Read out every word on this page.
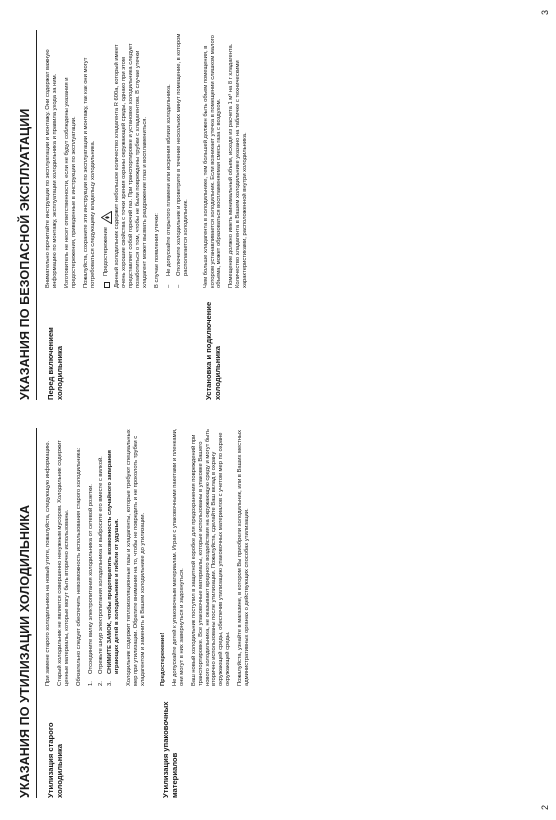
УКАЗАНИЯ ПО УТИЛИЗАЦИИ ХОЛОДИЛЬНИКА	Утилизация старого холодильника

При замене старого холодильника на новый утите, пожалуйста, следующую информацию. Старый холодильник не является совершенно ненужным мусором. Холодильник содержит ценные материалы, которые могут быть вторично использованы. Обязательно следует обеспечить невозможность использования старого холодильника: 1.
Отсоедините вилку электропитания холодильника от сетевой розетки.
2.
Отрежьте шнур электропитания холодильника и выбросите его вместе с вилкой.
3.
СНИМИТЕ ЗАМОК, чтобы предотвратить возможность случайного запирания играющих детей в холодильнике и гибели от удушья. Холодильник содержит теплоизоляционные газы и хладагенты, которые требуют специальных мер при утилизации. Обратите внимание на то, чтобы не повредить и не проколоть трубки с хладагентом и заменить в Вашем холодильнике до утилизации.

Утилизация упаковочных материалов

Предостережение! Не допускайте детей к упаковочным материалам. Играя с упаковочными пакетами и пленками, они могут в них завернуться и задохнуться. Ваш новый холодильник поступил в защитной коробке для предохранения повреждений при транспортировке. Все упаковочные материалы, которые использованы в упаковке Вашего нового холодильника, не оказывают вредного воздействия на окружающую среду и могут быть вторично использованы после утилизации. Пожалуйста, сделайте Ваш вклад в охрану окружающей среды, обеспечив утилизацию упаковочных материалов с учетом мер по охране окружающей среды. Пожалуйста, узнайте в магазине, в котором Вы приобрели холодильник, или в Ваших местных административных органах о действующих способах утилизации.

УКАЗАНИЯ ПО БЕЗОПАСНОЙ ЭКСПЛУАТАЦИИ	Перед включением холодильника

Внимательно прочитайте инструкции по эксплуатации и монтажу. Они содержат важную информацию по монтажу, эксплуатации холодильника и правила ухода за ним. Изготовитель не несет ответственности, если не будут соблюдены указания и предостережения, приведенные в инструкции по эксплуатации. Пожалуйста, сохраните эти инструкции по эксплуатации и монтажу, так как они могут потребоваться следующему владельцу холодильника. Предостережение Данный холодильник содержит небольшое количество хладагента R 600a, который имеет очень хорошие свойства с точки зрения охраны окружающей среды, однако при этом представляет собой горючий газ. При транспортировке и установке холодильника следует позаботиться о том, чтобы не были повреждены трубки с хладагентом. В случае утечки хладагент может вызвать раздражение глаз и воспламениться. В случае появления утечки: –
Не допускайте открытого пламени или искрения вблизи холодильника.
–
Отключите холодильник и проветрите в течение нескольких минут помещение, в котором располагается холодильник.
Установка и подключение холодильника

Чем больше хладагента в холодильнике, тем большей должен быть объем помещения, в котором устанавливается холодильник. Если возникает утечка в помещении слишком малого объема, может образоваться воспламеняемая смесь газа с воздухом. Помещение должно иметь минимальный объем, исходя из расчета 1 м³ на 8 г хладагента. Количество хладагента в Вашем холодильнике указано на табличке с техническими характеристиками, расположенной внутри холодильника.

2
3
